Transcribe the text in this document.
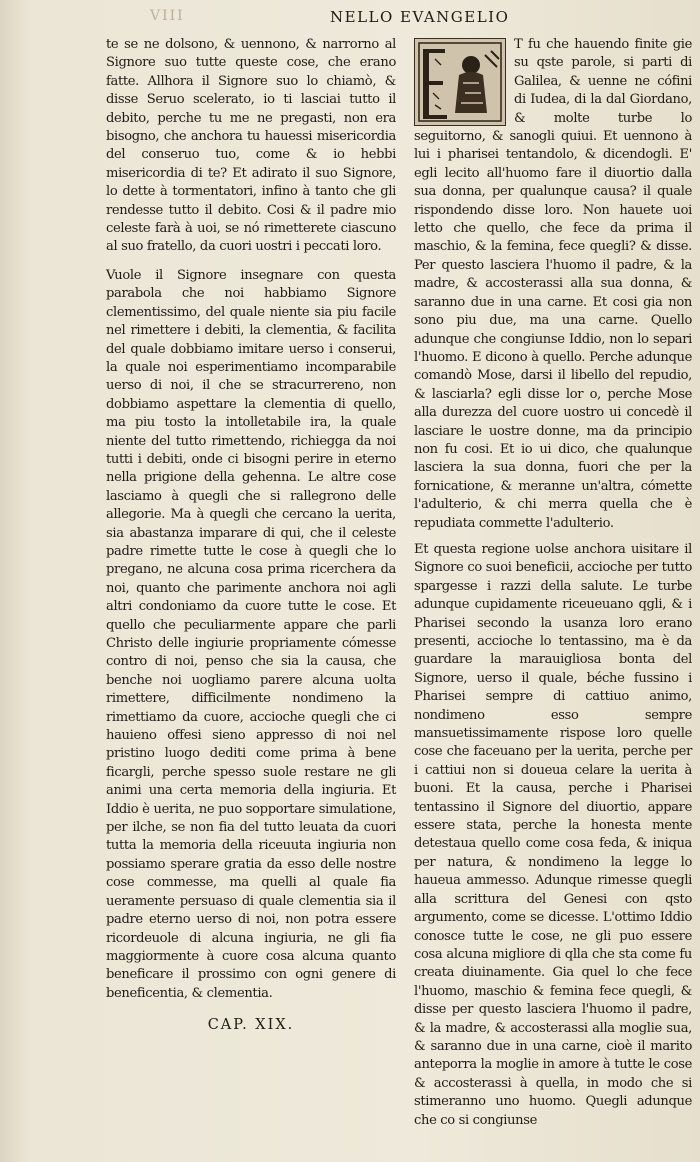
VIII	NELLO EVANGELIO

te se ne dolsono, & uennono, & narrorno al Signore suo tutte queste cose, che erano fatte. Allhora il Signore suo lo chiamò, & disse Seruo sceleratо, io ti lasciai tutto il debito, perche tu me ne pregasti, non era bisogno, che anchora tu hauessi misericordia del conseruo tuo, come & io hebbi misericordia di te? Et adirato il suo Signore, lo dette à tormentatori, infino à tanto che gli rendesse tutto il debito. Cosi & il padre mio celeste farà à uoi, se nó rimetterete ciascuno al suo fratello, da cuori uostri i peccati loro.

Vuole il Signore insegnare con questa parabola che noi habbiamo Signore clementissimo, del quale niente sia piu facile nel rimettere i debiti, la clementia, & facilita del quale dobbiamo imitare uerso i conserui, la quale noi esperimentiamo incomparabile uerso di noi, il che se stracurrereno, non dobbiamo aspettare la clementia di quello, ma piu tosto la intolletabile ira, la quale niente del tutto rimettendo, richiegga da noi tutti i debiti, onde ci bisogni perire in eterno nella prigione della gehenna. Le altre cose lasciamo à quegli che si rallegrono delle allegorie. Ma à quegli che cercano la uerita, sia abastanza imparare di qui, che il celeste padre rimette tutte le cose à quegli che lo pregano, ne alcuna cosa prima ricerchera da noi, quanto che parimente anchora noi agli altri condoniamo da cuore tutte le cose. Et quello che peculiarmente appare che parli Christo delle ingiurie propriamente cómesse contro di noi, penso che sia la causa, che benche noi uogliamo parere alcuna uolta rimettere, difficilmente nondimeno la rimettiamo da cuore, accioche quegli che ci hauieno offesi sieno appresso di noi nel pristino luogo dediti come prima à bene ficargli, perche spesso suole restare ne gli animi una certa memoria della ingiuria. Et Iddio è uerita, ne puo sopportare simulatione, per ilche, se non fia del tutto leuata da cuori tutta la memoria della riceuuta ingiuria non possiamo sperare gratia da esso delle nostre cose commesse, ma quelli al quale fia ueramente persuaso di quale clementia sia il padre eterno uerso di noi, non potra essere ricordeuole di alcuna ingiuria, ne gli fia maggiormente à cuore cosa alcuna quanto beneficare il prossimo con ogni genere di beneficentia, & clementia.

CAP. XIX.

T fu che hauendo finite gie su qste parole, si parti di Galilea, & uenne ne cófini di Iudea, di la dal Giordano, & molte turbe lo seguitorno, & sanogli quiui. Et uennono à lui i pharisei tentandolo, & dicendogli. E' egli lecito all'huomo fare il diuortio dalla sua donna, per qualunque causa? il quale rispondendo disse loro. Non hauete uoi letto che quello, che fece da prima il maschio, & la femina, fece quegli? & disse. Per questo lascierа l'huomo il padre, & la madre, & accosterassi alla sua donna, & saranno due in una carne. Et cosi gia non sono piu due, ma una carne. Quello adunque che congiunse Iddio, non lo separi l'huomo. E dicono à quello. Perche adunque comandò Mose, darsi il libello del repudio, & lasciarla? egli disse lor o, perche Mose alla durezza del cuore uostro ui concedè il lasciare le uostre donne, ma da principio non fu cosi. Et io ui dico, che qualunque lascierа la sua donna, fuori che per la fornicatione, & meranne un'altra, cómette l'adulterio, & chi merra quella che è repudiata commette l'adulterio.

Et questa regione uolse anchora uisitare il Signore co suoi beneficii, accioche per tutto spargesse i razzi della salute. Le turbe adunque cupidamente riceueuano qgli, & i Pharisei secondo la usanza loro erano presenti, accioche lo tentassino, ma è da guardare la marauigliosa bonta del Signore, uerso il quale, béche fussino i Pharisei sempre di cattiuo animo, nondimeno esso sempre mansuetissimamente rispose loro quelle cose che faceuano per la uerita, perche per i cattiui non si doueua celare la uerita à buoni. Et la causa, perche i Pharisei tentassino il Signore del diuortio, appare essere stata, perche la honesta mente detestaua quello come cosa feda, & iniqua per natura, & nondimeno la legge lo haueua ammesso. Adunque rimesse quegli alla scrittura del Genesi con qsto argumento, come se dicesse. L'ottimo Iddio conosce tutte le cose, ne gli puo essere cosa alcuna migliore di qlla che sta come fu creata diuinamente. Gia quel lo che fece l'huomo, maschio & femina fece quegli, & disse per questo lasciera l'huomo il padre, & la madre, & accosterassi alla moglie sua, & saranno due in una carne, cioè il marito anteporra la moglie in amore à tutte le cose & accosterassi à quella, in modo che si stimeranno uno huomo. Quegli adunque che co si congiunse
